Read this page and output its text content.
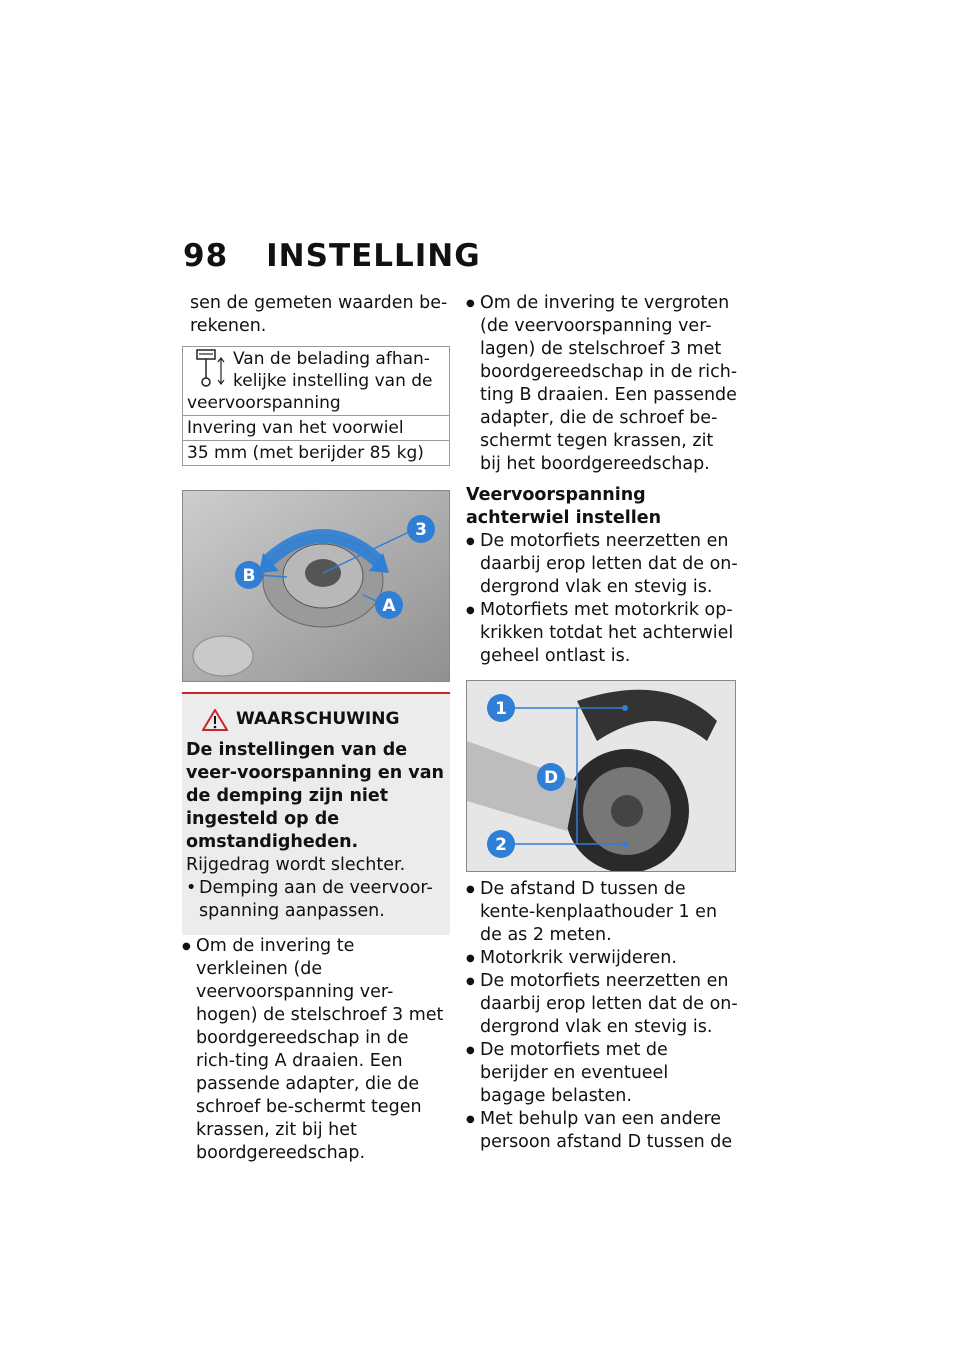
98 INSTELLING

sen de gemeten waarden be-rekenen.

Van de belading afhan-kelijke instelling van de veervoorspanning
Invering van het voorwiel
35 mm (met berijder 85 kg)
3
B
A
WAARSCHUWING

De instellingen van de veer-voorspanning en van de demping zijn niet ingesteld op de omstandigheden.

Rijgedrag wordt slechter.

• Demping aan de veervoor-spanning aanpassen.
● Om de invering te verkleinen (de veervoorspanning ver-hogen) de stelschroef 3 met boordgereedschap in de rich-ting A draaien. Een passende adapter, die de schroef be-schermt tegen krassen, zit bij het boordgereedschap.
● Om de invering te vergroten (de veervoorspanning ver-lagen) de stelschroef 3 met boordgereedschap in de rich-ting B draaien. Een passende adapter, die de schroef be-schermt tegen krassen, zit bij het boordgereedschap.

Veervoorspanning achterwiel instellen

● De motorfiets neerzetten en daarbij erop letten dat de on-dergrond vlak en stevig is.
● Motorfiets met motorkrik op-krikken totdat het achterwiel geheel ontlast is.
1
D
2
● De afstand D tussen de kente-kenplaathouder 1 en de as 2 meten.
● Motorkrik verwijderen.
● De motorfiets neerzetten en daarbij erop letten dat de on-dergrond vlak en stevig is.
● De motorfiets met de berijder en eventueel bagage belasten.
● Met behulp van een andere persoon afstand D tussen de
